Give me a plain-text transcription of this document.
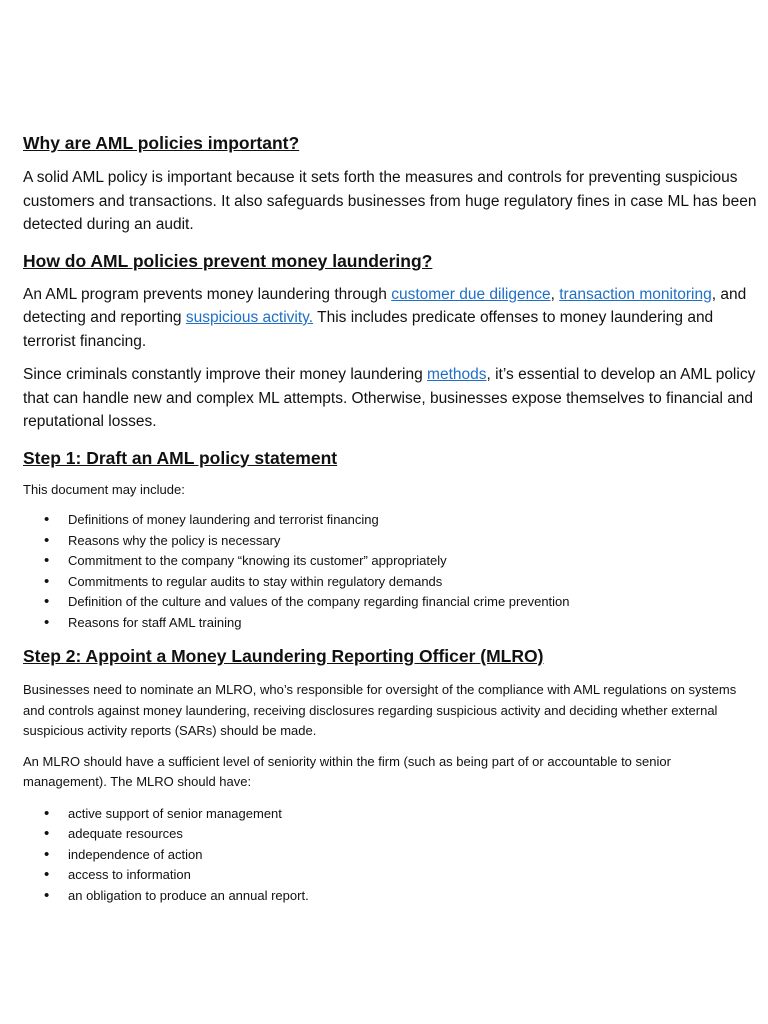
Why are AML policies important?

A solid AML policy is important because it sets forth the measures and controls for preventing suspicious customers and transactions. It also safeguards businesses from huge regulatory fines in case ML has been detected during an audit.

How do AML policies prevent money laundering?

An AML program prevents money laundering through customer due diligence, transaction monitoring, and detecting and reporting suspicious activity. This includes predicate offenses to money laundering and terrorist financing.

Since criminals constantly improve their money laundering methods, it’s essential to develop an AML policy that can handle new and complex ML attempts. Otherwise, businesses expose themselves to financial and reputational losses.

Step 1: Draft an AML policy statement

This document may include:

• Definitions of money laundering and terrorist financing
• Reasons why the policy is necessary
• Commitment to the company “knowing its customer” appropriately
• Commitments to regular audits to stay within regulatory demands
• Definition of the culture and values of the company regarding financial crime prevention
• Reasons for staff AML training
Step 2: Appoint a Money Laundering Reporting Officer (MLRO)

Businesses need to nominate an MLRO, who’s responsible for oversight of the compliance with AML regulations on systems and controls against money laundering, receiving disclosures regarding suspicious activity and deciding whether external suspicious activity reports (SARs) should be made.

An MLRO should have a sufficient level of seniority within the firm (such as being part of or accountable to senior management). The MLRO should have:

• active support of senior management
• adequate resources
• independence of action
• access to information
• an obligation to produce an annual report.
